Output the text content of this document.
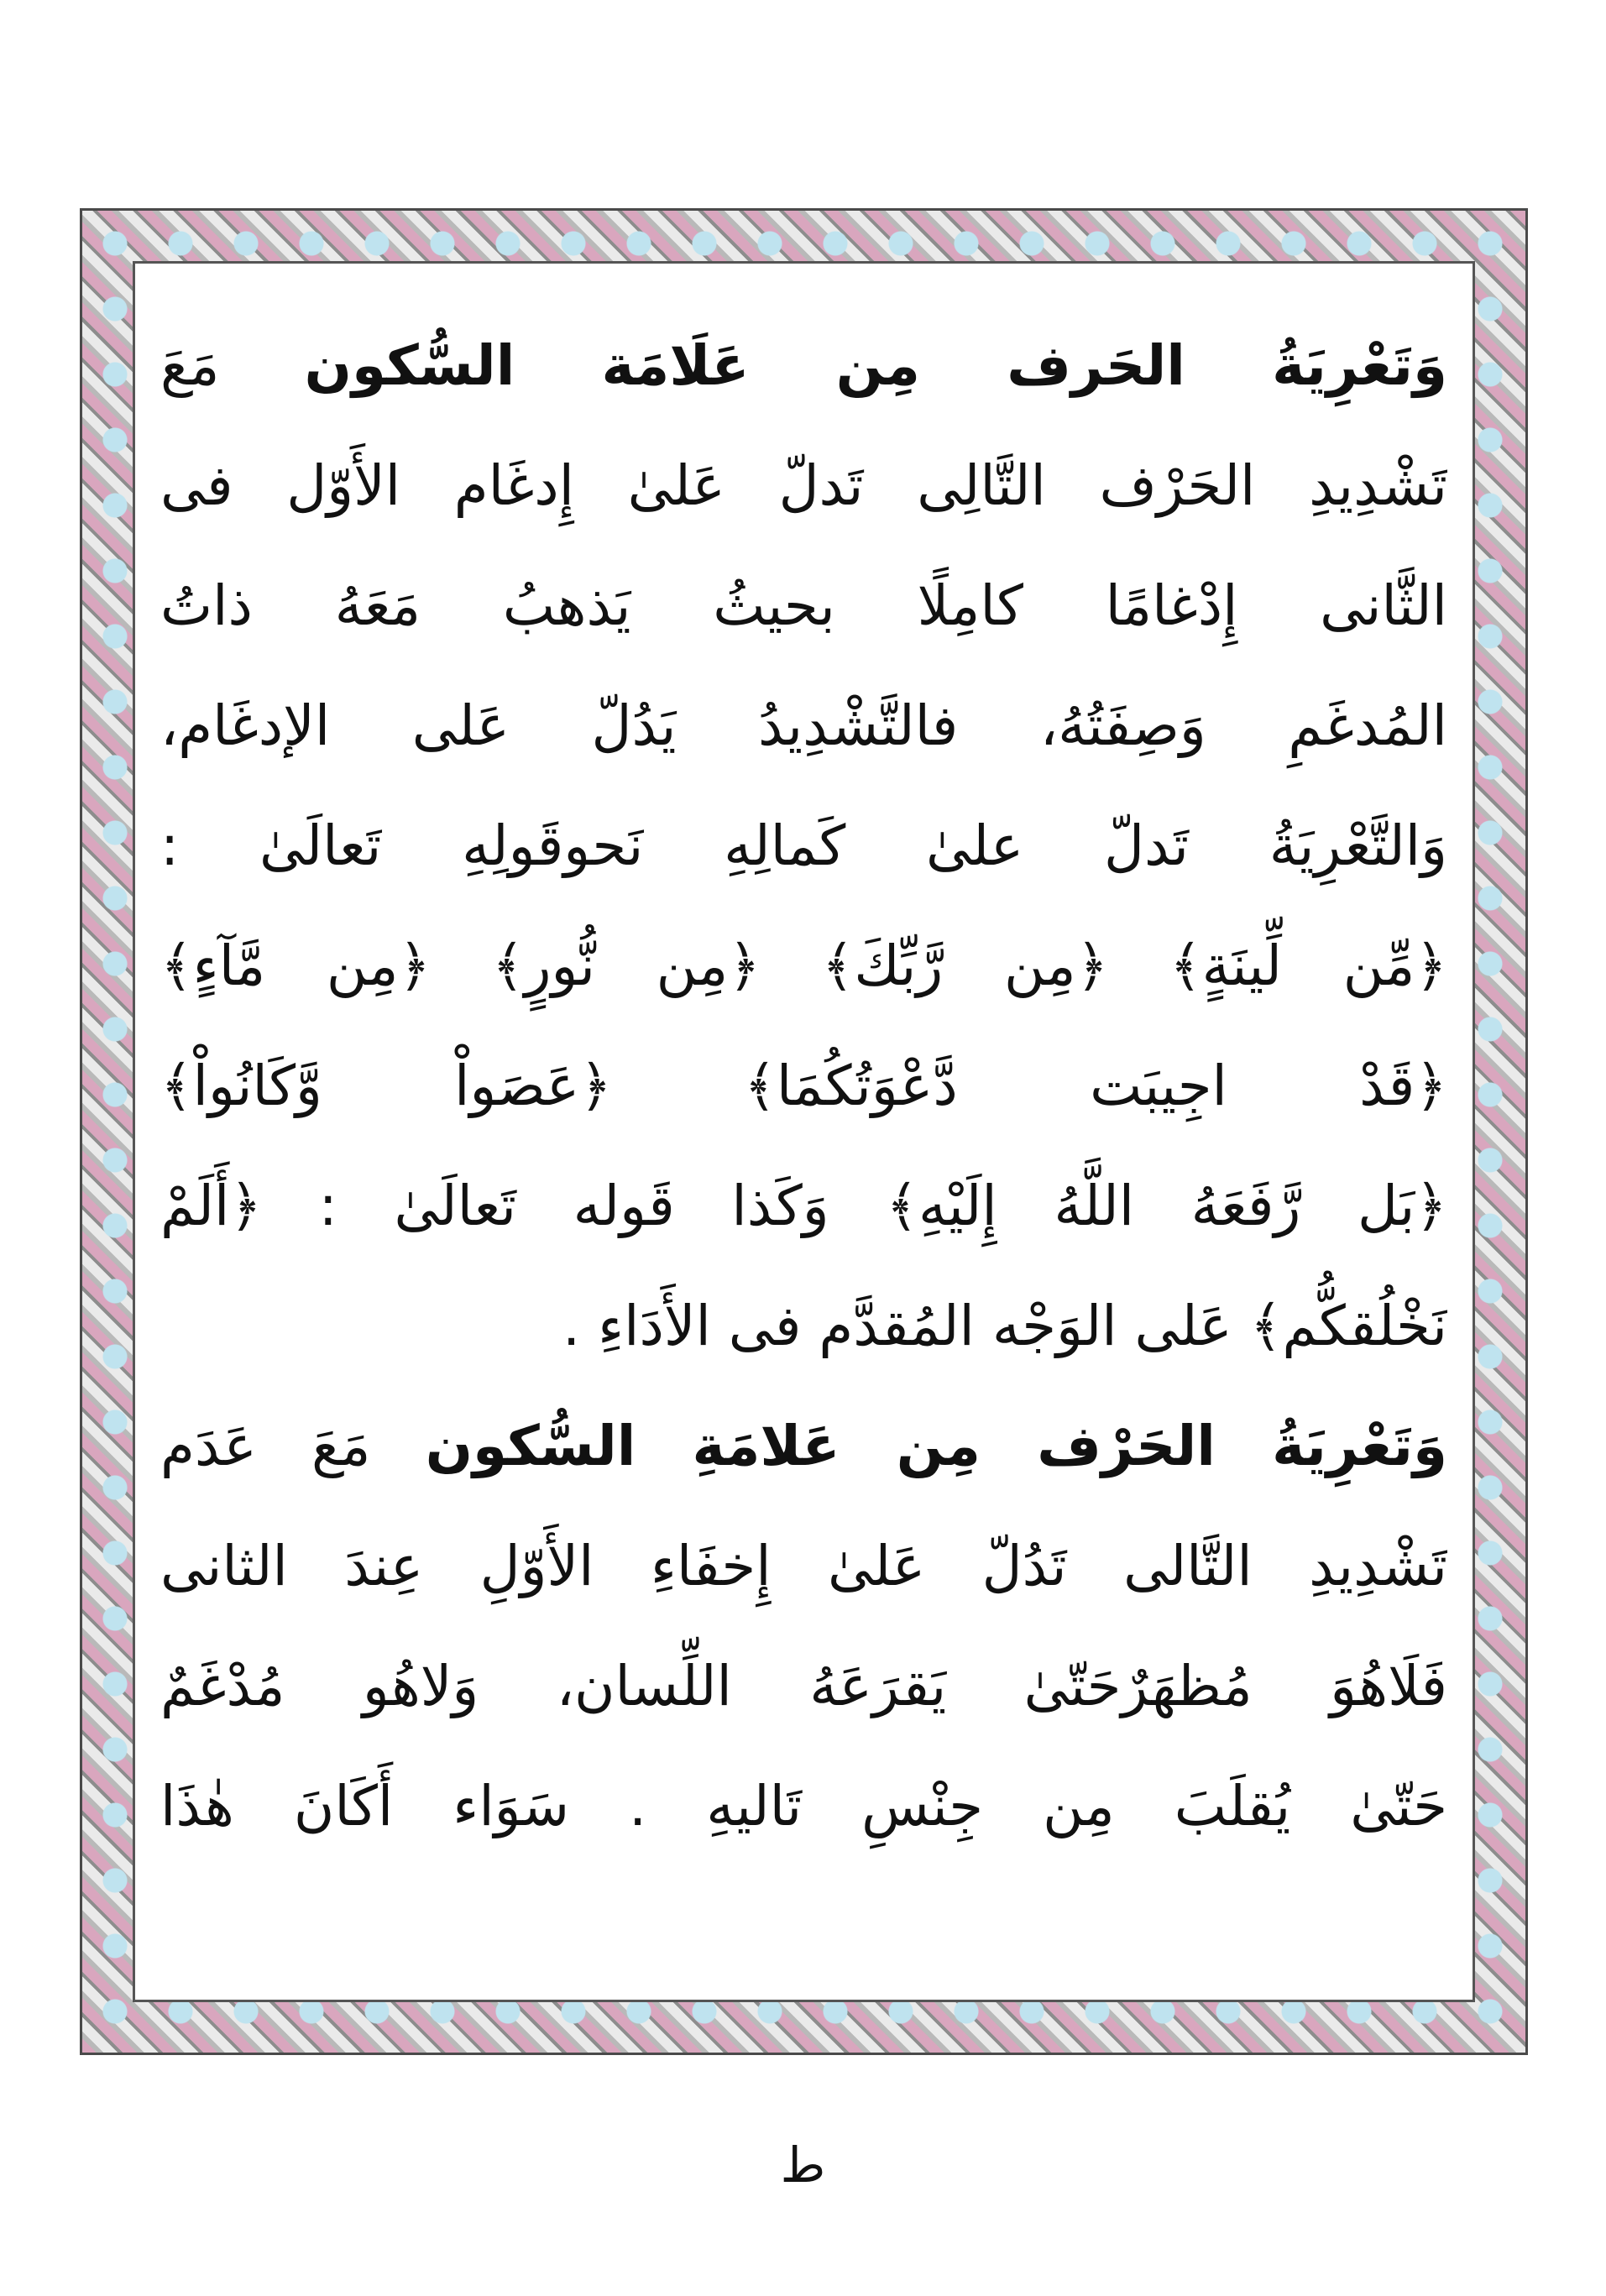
وَتَعْرِيَةُ الحَرف مِن عَلَامَة السُّكون مَعَ
تَشْدِيدِ الحَرْف التَّالِى تَدلّ عَلىٰ إِدغَام الأَوّل فى
الثَّانى إِدْغامًا كامِلًا بحيثُ يَذهبُ مَعَهُ ذاتُ
المُدغَمِ وَصِفَتُهُ، فالتَّشْدِيدُ يَدُلّ عَلى الإدغَام،
وَالتَّعْرِيَةُ تَدلّ علىٰ كَمالِهِ نَحوقَولِهِ تَعالَىٰ :
﴿مِّن لِّينَةٍ﴾ ﴿مِن رَّبِّكَ﴾ ﴿مِن نُّورٍ﴾ ﴿مِن مَّآءٍ﴾
﴿قَدْ اجِيبَت دَّعْوَتُكُمَا﴾ ﴿عَصَواْ وَّكَانُواْ﴾
﴿بَل رَّفَعَهُ اللَّهُ إِلَيْهِ﴾ وَكَذا قَوله تَعالَىٰ : ﴿أَلَمْ
نَخْلُقكُّم﴾ عَلى الوَجْه المُقدَّم فى الأَدَاءِ .
وَتَعْرِيَةُ الحَرْف مِن عَلامَةِ السُّكون مَعَ عَدَم
تَشْدِيدِ التَّالى تَدُلّ عَلىٰ إِخفَاءِ الأَوّلِ عِندَ الثانى
فَلَاهُوَ مُظهَرٌحَتّىٰ يَقرَعَهُ اللِّسان، وَلاهُو مُدْغَمٌ
حَتّىٰ يُقلَبَ مِن جِنْسِ تَاليهِ . سَوَاء أَكَانَ هٰذَا
ط
